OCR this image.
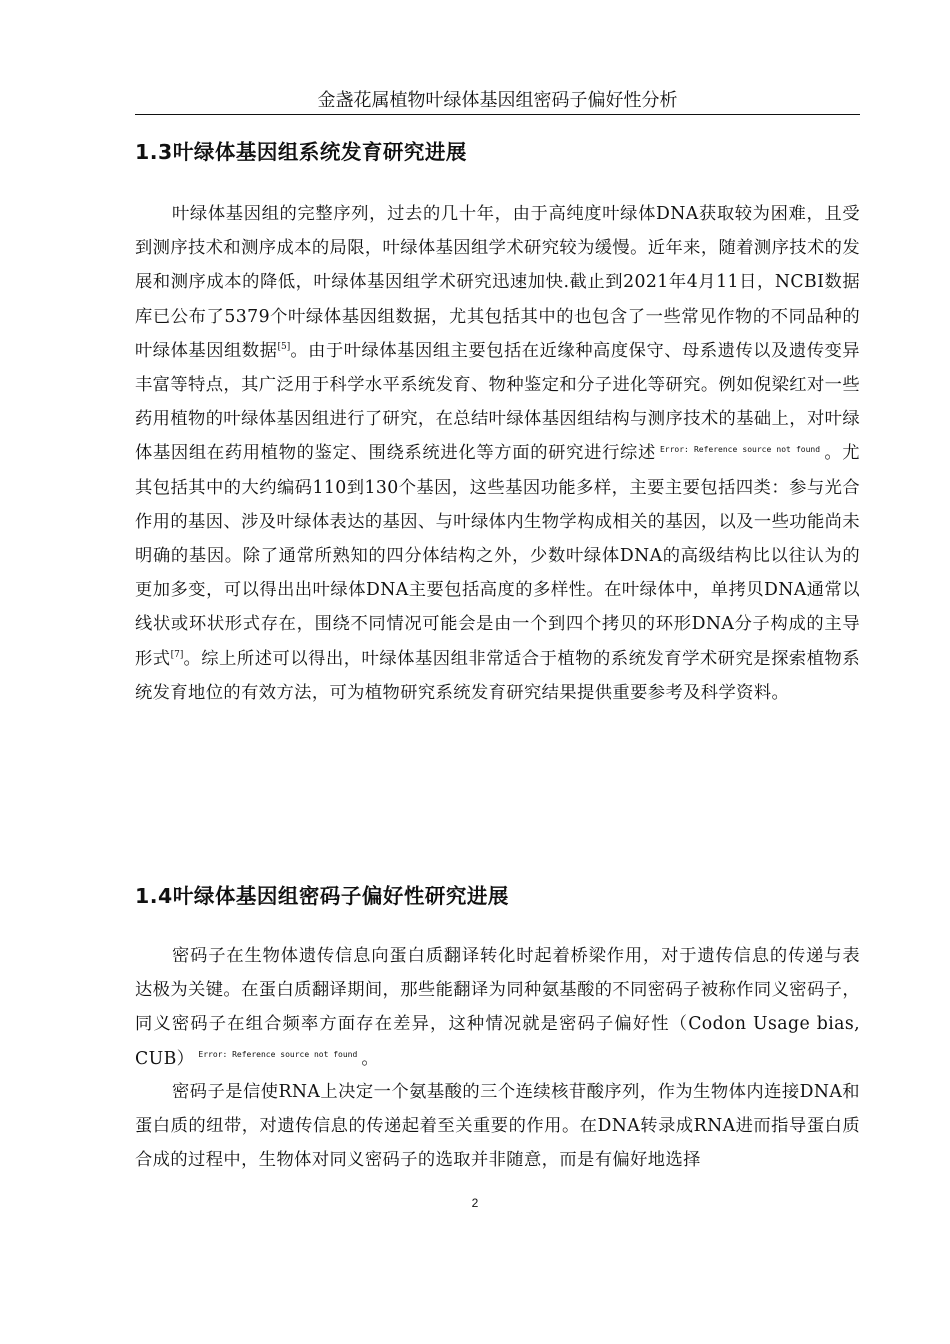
金盏花属植物叶绿体基因组密码子偏好性分析
1.3叶绿体基因组系统发育研究进展

叶绿体基因组的完整序列，过去的几十年，由于高纯度叶绿体DNA获取较为困难，且受到测序技术和测序成本的局限，叶绿体基因组学术研究较为缓慢。近年来，随着测序技术的发展和测序成本的降低，叶绿体基因组学术研究迅速加快.截止到2021年4月11日，NCBI数据库已公布了5379个叶绿体基因组数据，尤其包括其中的也包含了一些常见作物的不同品种的叶绿体基因组数据[5]。由于叶绿体基因组主要包括在近缘种高度保守、母系遗传以及遗传变异丰富等特点，其广泛用于科学水平系统发育、物种鉴定和分子进化等研究。例如倪梁红对一些药用植物的叶绿体基因组进行了研究，在总结叶绿体基因组结构与测序技术的基础上，对叶绿体基因组在药用植物的鉴定、围绕系统进化等方面的研究进行综述 $^{Error: Reference source not found}$ 。尤其包括其中的大约编码110到130个基因，这些基因功能多样，主要主要包括四类：参与光合作用的基因、涉及叶绿体表达的基因、与叶绿体内生物学构成相关的基因，以及一些功能尚未明确的基因。除了通常所熟知的四分体结构之外，少数叶绿体DNA的高级结构比以往认为的更加多变，可以得出出叶绿体DNA主要包括高度的多样性。在叶绿体中，单拷贝DNA通常以线状或环状形式存在，围绕不同情况可能会是由一个到四个拷贝的环形DNA分子构成的主导形式[7]。综上所述可以得出，叶绿体基因组非常适合于植物的系统发育学术研究是探索植物系统发育地位的有效方法，可为植物研究系统发育研究结果提供重要参考及科学资料。

1.4叶绿体基因组密码子偏好性研究进展

密码子在生物体遗传信息向蛋白质翻译转化时起着桥梁作用，对于遗传信息的传递与表达极为关键。在蛋白质翻译期间，那些能翻译为同种氨基酸的不同密码子被称作同义密码子，同义密码子在组合频率方面存在差异，这种情况就是密码子偏好性（Codon Usage bias, CUB） $^{Error: Reference source not found}$ 。

密码子是信使RNA上决定一个氨基酸的三个连续核苷酸序列，作为生物体内连接DNA和蛋白质的纽带，对遗传信息的传递起着至关重要的作用。在DNA转录成RNA进而指导蛋白质合成的过程中，生物体对同义密码子的选取并非随意，而是有偏好地选择

2
